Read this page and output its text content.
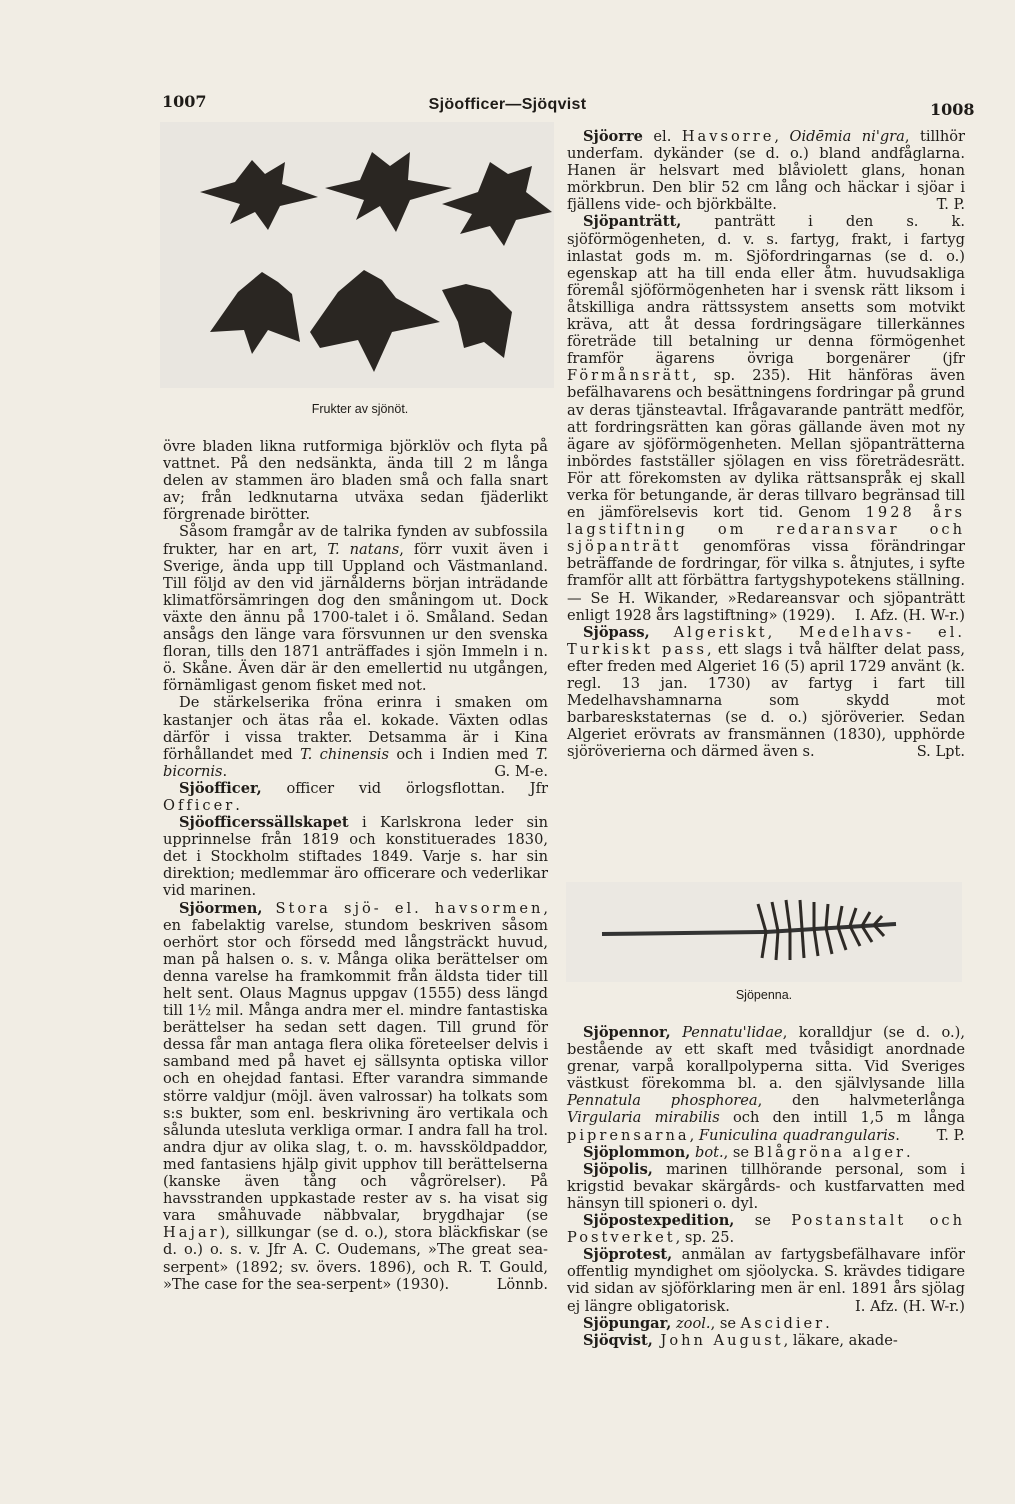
1007	Sjöofficer—Sjöqvist	1008
Frukter av sjönöt.

övre bladen likna rutformiga björklöv och flyta på vattnet. På den nedsänkta, ända till 2 m långa delen av stammen äro bladen små och falla snart av; från ledknutarna utväxa sedan fjäderlikt förgrenade birötter.

Såsom framgår av de talrika fynden av subfossila frukter, har en art, T. natans, förr vuxit även i Sverige, ända upp till Uppland och Västmanland. Till följd av den vid järnålderns början inträdande klimatförsämringen dog den småningom ut. Dock växte den ännu på 1700-talet i ö. Småland. Sedan ansågs den länge vara försvunnen ur den svenska floran, tills den 1871 anträffades i sjön Immeln i n. ö. Skåne. Även där är den emellertid nu utgången, förnämligast genom fisket med not.

De stärkelserika fröna erinra i smaken om kastanjer och ätas råa el. kokade. Växten odlas därför i vissa trakter. Detsamma är i Kina förhållandet med T. chinensis och i Indien med T. bicornis.	G. M-e.

Sjöofficer, officer vid örlogsflottan. Jfr Officer.

Sjöofficerssällskapet i Karlskrona leder sin upprinnelse från 1819 och konstituerades 1830, det i Stockholm stiftades 1849. Varje s. har sin direktion; medlemmar äro officerare och vederlikar vid marinen.

Sjöormen, Stora sjö- el. havsormen, en fabelaktig varelse, stundom beskriven såsom oerhört stor och försedd med långsträckt huvud, man på halsen o. s. v. Många olika berättelser om denna varelse ha framkommit från äldsta tider till helt sent. Olaus Magnus uppgav (1555) dess längd till 1½ mil. Många andra mer el. mindre fantastiska berättelser ha sedan sett dagen. Till grund för dessa får man antaga flera olika företeelser delvis i samband med på havet ej sällsynta optiska villor och en ohejdad fantasi. Efter varandra simmande större valdjur (möjl. även valrossar) ha tolkats som s:s bukter, som enl. beskrivning äro vertikala och sålunda utesluta verkliga ormar. I andra fall ha trol. andra djur av olika slag, t. o. m. havssköldpaddor, med fantasiens hjälp givit upphov till berättelserna (kanske även tång och vågrörelser). På havsstranden uppkastade rester av s. ha visat sig vara småhuvade näbbvalar, brygdhajar (se Hajar), sillkungar (se d. o.), stora bläckfiskar (se d. o.) o. s. v. Jfr A. C. Oudemans, »The great sea-serpent» (1892; sv. övers. 1896), och R. T. Gould, »The case for the sea-serpent» (1930).	Lönnb.

Sjöorre el. Havsorre, Oidēmia ni'gra, tillhör underfam. dykänder (se d. o.) bland andfåglarna. Hanen är helsvart med blåviolett glans, honan mörkbrun. Den blir 52 cm lång och häckar i sjöar i fjällens vide- och björkbälte.	T. P.

Sjöpanträtt, panträtt i den s. k. sjöförmögenheten, d. v. s. fartyg, frakt, i fartyg inlastat gods m. m. Sjöfordringarnas (se d. o.) egenskap att ha till enda eller åtm. huvudsakliga föremål sjöförmögenheten har i svensk rätt liksom i åtskilliga andra rättssystem ansetts som motvikt kräva, att åt dessa fordringsägare tillerkännes företräde till betalning ur denna förmögenhet framför ägarens övriga borgenärer (jfr Förmånsrätt, sp. 235). Hit hänföras även befälhavarens och besättningens fordringar på grund av deras tjänsteavtal. Ifrågavarande panträtt medför, att fordringsrätten kan göras gällande även mot ny ägare av sjöförmögenheten. Mellan sjöpanträtterna inbördes fastställer sjölagen en viss företrädesrätt. För att förekomsten av dylika rättsanspråk ej skall verka för betungande, är deras tillvaro begränsad till en jämförelsevis kort tid. Genom 1928 års lagstiftning om redaransvar och sjöpanträtt genomföras vissa förändringar beträffande de fordringar, för vilka s. åtnjutes, i syfte framför allt att förbättra fartygshypotekens ställning. — Se H. Wikander, »Redareansvar och sjöpanträtt enligt 1928 års lagstiftning» (1929).	I. Afz. (H. W-r.)

Sjöpass, Algeriskt, Medelhavs- el. Turkiskt pass, ett slags i två hälfter delat pass, efter freden med Algeriet 16 (5) april 1729 använt (k. regl. 13 jan. 1730) av fartyg i fart till Medelhavshamnarna som skydd mot barbareskstaternas (se d. o.) sjöröverier. Sedan Algeriet erövrats av fransmännen (1830), upphörde sjöröverierna och därmed även s.	S. Lpt.

Sjöpenna.

Sjöpennor, Pennatu'lidae, koralldjur (se d. o.), bestående av ett skaft med tvåsidigt anordnade grenar, varpå korallpolyperna sitta. Vid Sveriges västkust förekomma bl. a. den självlysande lilla Pennatula phosphorea, den halvmeterlånga Virgularia mirabilis och den intill 1,5 m långa piprensarna, Funiculina quadrangularis.	T. P.

Sjöplommon, bot., se Blågröna alger.

Sjöpolis, marinen tillhörande personal, som i krigstid bevakar skärgårds- och kustfarvatten med hänsyn till spioneri o. dyl.

Sjöpostexpedition, se Postanstalt och Postverket, sp. 25.

Sjöprotest, anmälan av fartygsbefälhavare inför offentlig myndighet om sjöolycka. S. krävdes tidigare vid sidan av sjöförklaring men är enl. 1891 års sjölag ej längre obligatorisk.	I. Afz. (H. W-r.)

Sjöpungar, zool., se Ascidier.

Sjöqvist, John August, läkare, akade-
